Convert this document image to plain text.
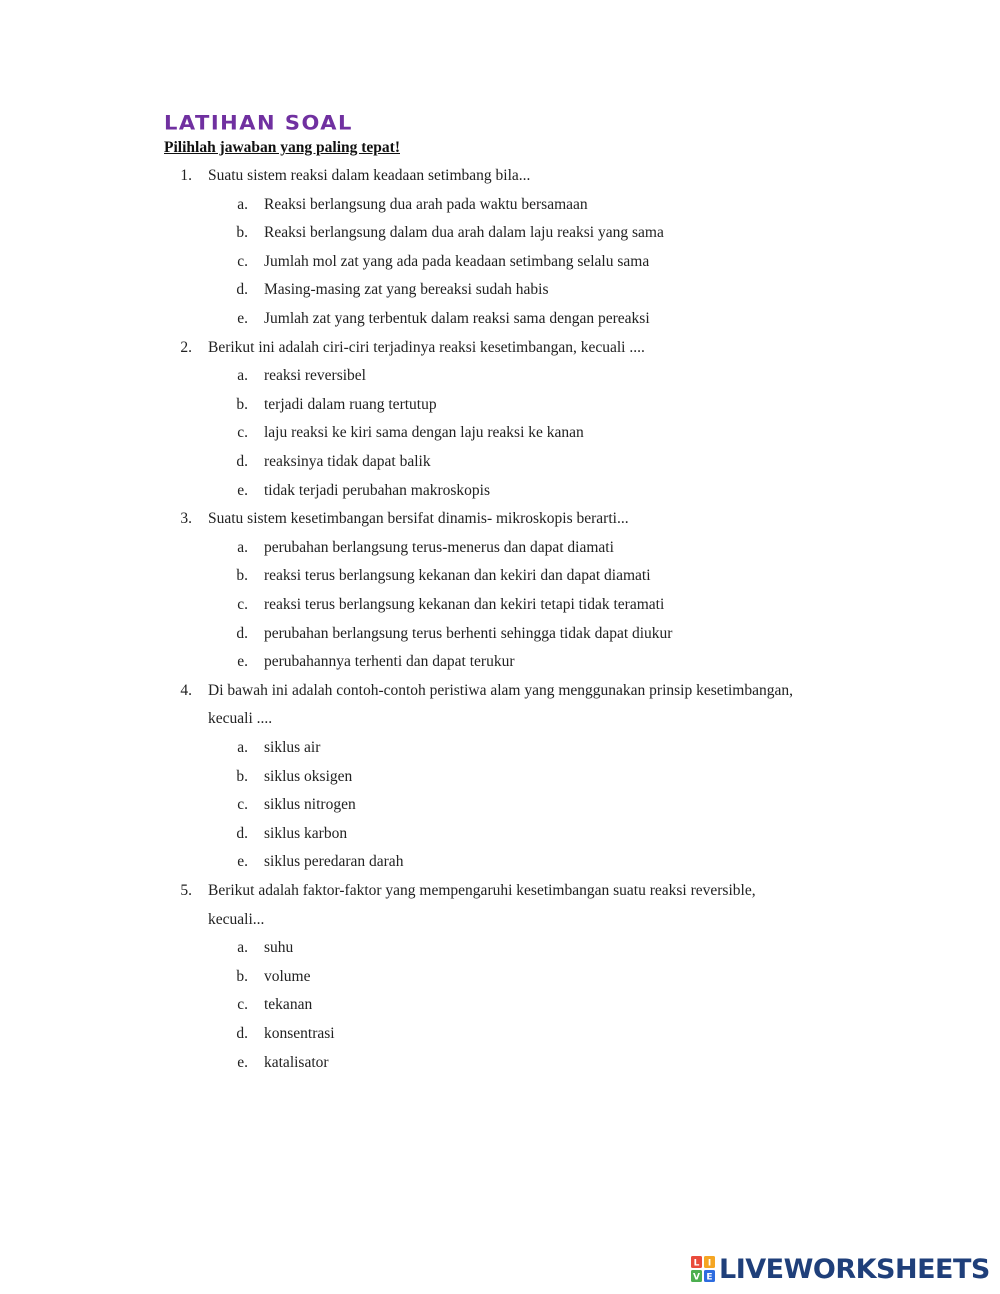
LATIHAN SOAL
Pilihlah jawaban yang paling tepat!
1. Suatu sistem reaksi dalam keadaan setimbang bila...
a. Reaksi berlangsung dua arah pada waktu bersamaan
b. Reaksi berlangsung dalam dua arah dalam laju reaksi yang sama
c. Jumlah mol zat yang ada pada keadaan setimbang selalu sama
d. Masing-masing zat yang bereaksi sudah habis
e. Jumlah zat yang terbentuk dalam reaksi sama dengan pereaksi
2. Berikut ini adalah ciri-ciri terjadinya reaksi kesetimbangan, kecuali ....
a. reaksi reversibel
b. terjadi dalam ruang tertutup
c. laju reaksi ke kiri sama dengan laju reaksi ke kanan
d. reaksinya tidak dapat balik
e. tidak terjadi perubahan makroskopis
3. Suatu sistem kesetimbangan bersifat dinamis- mikroskopis berarti...
a. perubahan berlangsung terus-menerus dan dapat diamati
b. reaksi terus berlangsung kekanan dan kekiri dan dapat diamati
c. reaksi terus berlangsung kekanan dan kekiri tetapi tidak teramati
d. perubahan berlangsung terus berhenti sehingga tidak dapat diukur
e. perubahannya terhenti dan dapat terukur
4. Di bawah ini adalah contoh-contoh peristiwa alam yang menggunakan prinsip kesetimbangan,
kecuali ....
a. siklus air
b. siklus oksigen
c. siklus nitrogen
d. siklus karbon
e. siklus peredaran darah
5. Berikut adalah faktor-faktor yang mempengaruhi kesetimbangan suatu reaksi reversible,
kecuali...
a. suhu
b. volume
c. tekanan
d. konsentrasi
e. katalisator
L I
V E LIVEWORKSHEETS
